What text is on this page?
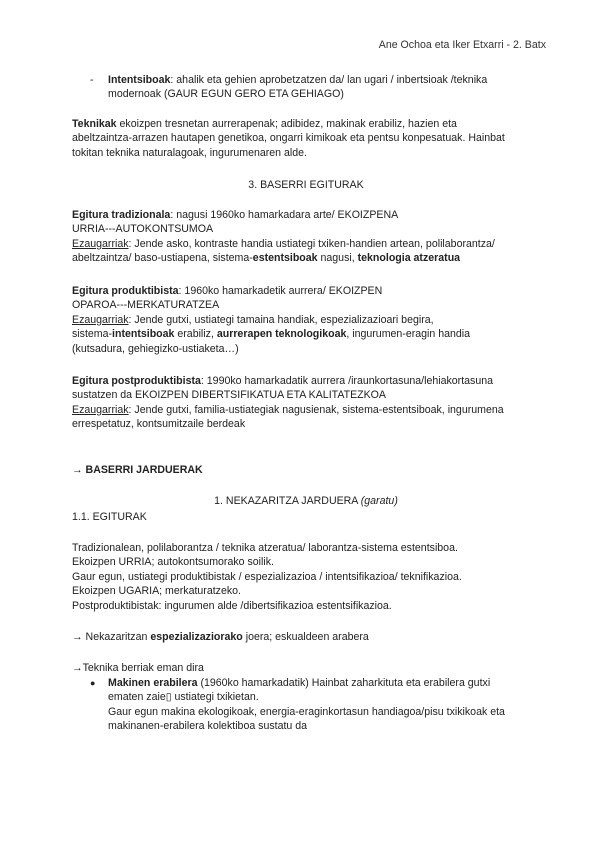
Ane Ochoa eta Iker Etxarri - 2. Batx
- Intentsiboak: ahalik eta gehien aprobetzatzen da/ lan ugari / inbertsioak /teknika
modernoak (GAUR EGUN GERO ETA GEHIAGO)
Teknikak ekoizpen tresnetan aurrerapenak; adibidez, makinak erabiliz, hazien eta
abeltzaintza-arrazen hautapen genetikoa, ongarri kimikoak eta pentsu konpesatuak. Hainbat
tokitan teknika naturalagoak, ingurumenaren alde.
3. BASERRI EGITURAK
Egitura tradizionala: nagusi 1960ko hamarkadara arte/ EKOIZPENA
URRIA---AUTOKONTSUMOA
Ezaugarriak: Jende asko, kontraste handia ustiategi txiken-handien artean, polilaborantza/
abeltzaintza/ baso-ustiapena, sistema-estentsiboak nagusi, teknologia atzeratua
Egitura produktibista: 1960ko hamarkadetik aurrera/ EKOIZPEN
OPAROA---MERKATURATZEA
Ezaugarriak: Jende gutxi, ustiategi tamaina handiak, espezializazioari begira,
sistema-intentsiboak erabiliz, aurrerapen teknologikoak, ingurumen-eragin handia
(kutsadura, gehiegizko-ustiaketa…)
Egitura postproduktibista: 1990ko hamarkadatik aurrera /iraunkortasuna/lehiakortasuna
sustatzen da EKOIZPEN DIBERTSIFIKATUA ETA KALITATEZKOA
Ezaugarriak: Jende gutxi, familia-ustiategiak nagusienak, sistema-estentsiboak, ingurumena
errespetatuz, kontsumitzaile berdeak
→ BASERRI JARDUERAK
1. NEKAZARITZA JARDUERA (garatu)
1.1. EGITURAK
Tradizionalean, polilaborantza / teknika atzeratua/ laborantza-sistema estentsiboa.
Ekoizpen URRIA; autokontsumorako soilik.
Gaur egun, ustiategi produktibistak / espezializazioa / intentsifikazioa/ teknifikazioa.
Ekoizpen UGARIA; merkaturatzeko.
Postproduktibistak: ingurumen alde /dibertsifikazioa estentsifikazioa.
→ Nekazaritzan espezializaziorako joera; eskualdeen arabera
→Teknika berriak eman dira
● Makinen erabilera (1960ko hamarkadatik) Hainbat zaharkituta eta erabilera gutxi
ematen zaie▯ ustiategi txikietan.
Gaur egun makina ekologikoak, energia-eraginkortasun handiagoa/pisu txikikoak eta
makinanen-erabilera kolektiboa sustatu da
